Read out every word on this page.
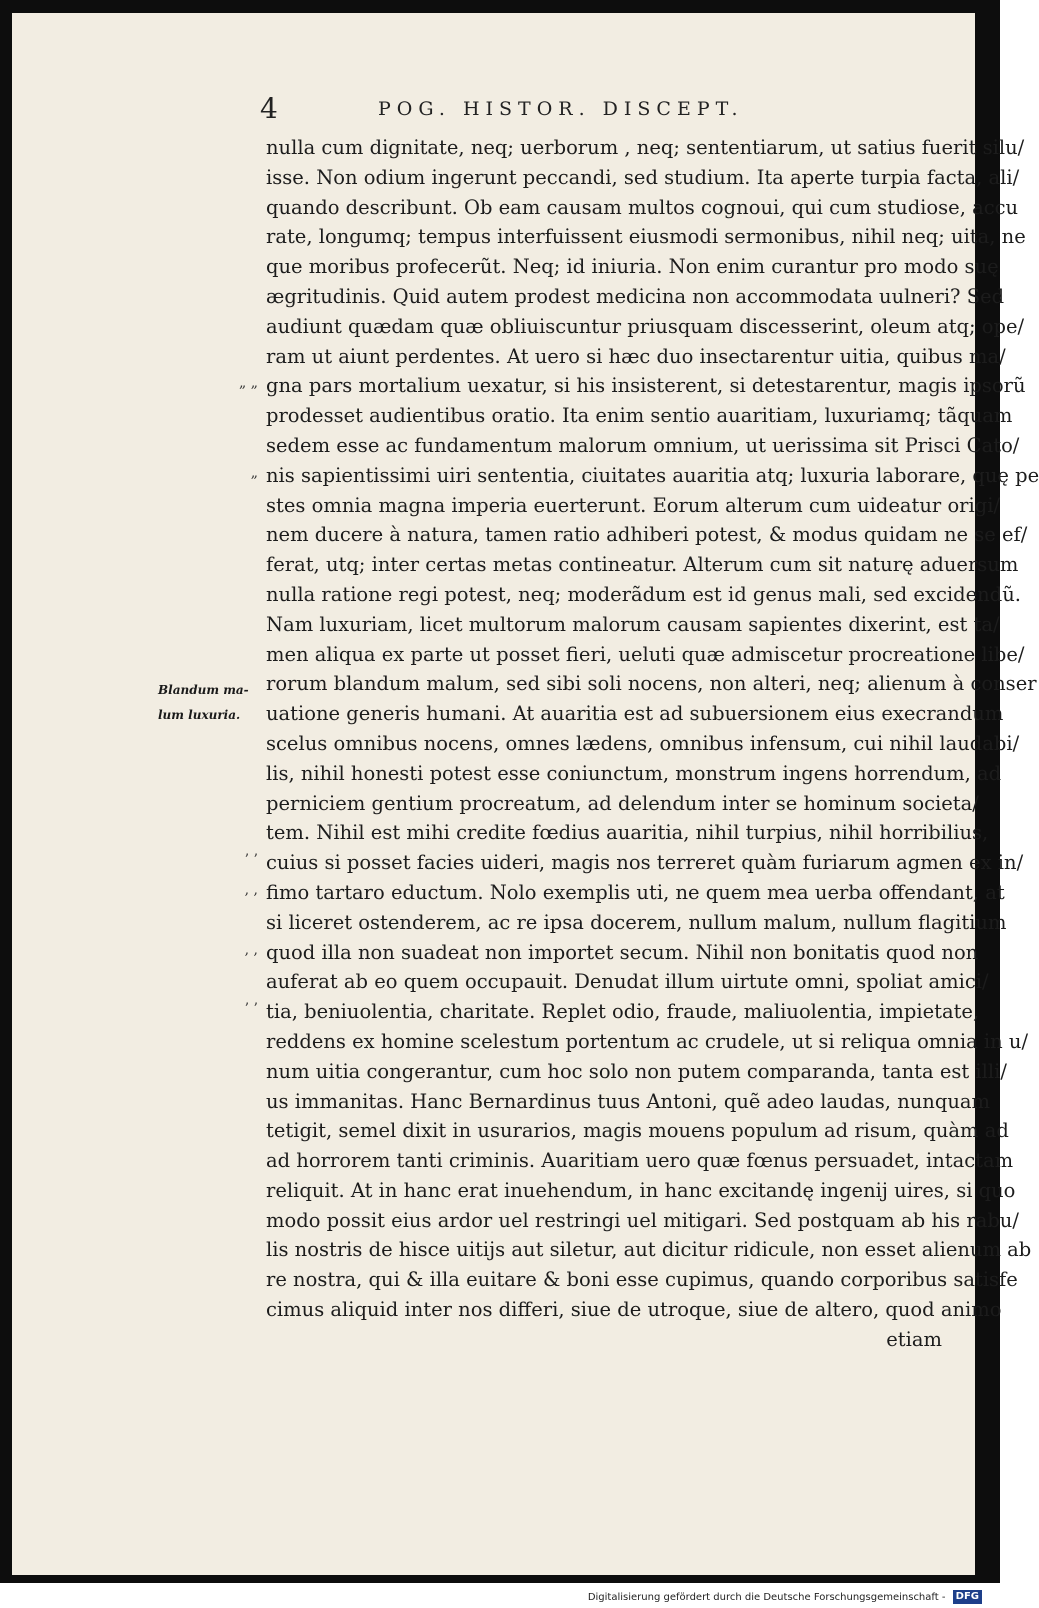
4	POG. HISTOR. DISCEPT.
nulla cum dignitate, neq; uerborum , neq; sententiarum, ut satius fuerit silu/
isse. Non odium ingerunt peccandi, sed studium. Ita aperte turpia facta, ali/
quando describunt. Ob eam causam multos cognoui, qui cum studiose, accu
rate, longumq; tempus interfuissent eiusmodi sermonibus, nihil neq; uita, ne
que moribus profecerũt. Neq; id iniuria. Non enim curantur pro modo suę
ægritudinis. Quid autem prodest medicina non accommodata uulneri? Sed
audiunt quædam quæ obliuiscuntur priusquam discesserint, oleum atq; ope/
ram ut aiunt perdentes. At uero si hæc duo insectarentur uitia, quibus ma/
gna pars mortalium uexatur, si his insisterent, si detestarentur, magis ipsorũ
prodesset audientibus oratio. Ita enim sentio auaritiam, luxuriamq; tãquam
sedem esse ac fundamentum malorum omnium, ut uerissima sit Prisci Cato/
nis sapientissimi uiri sententia, ciuitates auaritia atq; luxuria laborare, quę pe
stes omnia magna imperia euerterunt. Eorum alterum cum uideatur origi/
nem ducere à natura, tamen ratio adhiberi potest, & modus quidam ne se ef/
ferat, utq; inter certas metas contineatur. Alterum cum sit naturę aduersum
nulla ratione regi potest, neq; moderãdum est id genus mali, sed excidendũ.
Nam luxuriam, licet multorum malorum causam sapientes dixerint, est ta/
men aliqua ex parte ut posset fieri, ueluti quæ admiscetur procreatione libe/
rorum blandum malum, sed sibi soli nocens, non alteri, neq; alienum à conser
uatione generis humani. At auaritia est ad subuersionem eius execrandum
scelus omnibus nocens, omnes lædens, omnibus infensum, cui nihil laudabi/
lis, nihil honesti potest esse coniunctum, monstrum ingens horrendum, ad
perniciem gentium procreatum, ad delendum inter se hominum societa/
tem. Nihil est mihi credite fœdius auaritia, nihil turpius, nihil horribilius,
cuius si posset facies uideri, magis nos terreret quàm furiarum agmen ex in/
fimo tartaro eductum. Nolo exemplis uti, ne quem mea uerba offendant, at
si liceret ostenderem, ac re ipsa docerem, nullum malum, nullum flagitium
quod illa non suadeat non importet secum. Nihil non bonitatis quod non
auferat ab eo quem occupauit. Denudat illum uirtute omni, spoliat amici/
tia, beniuolentia, charitate. Replet odio, fraude, maliuolentia, impietate,
reddens ex homine scelestum portentum ac crudele, ut si reliqua omnia in u/
num uitia congerantur, cum hoc solo non putem comparanda, tanta est illi/
us immanitas. Hanc Bernardinus tuus Antoni, quẽ adeo laudas, nunquam
tetigit, semel dixit in usurarios, magis mouens populum ad risum, quàm ad
ad horrorem tanti criminis. Auaritiam uero quæ fœnus persuadet, intactam
reliquit. At in hanc erat inuehendum, in hanc excitandę ingenij uires, si quo
modo possit eius ardor uel restringi uel mitigari. Sed postquam ab his rabu/
lis nostris de hisce uitijs aut siletur, aut dicitur ridicule, non esset alienum ab
re nostra, qui & illa euitare & boni esse cupimus, quando corporibus satisfe
cimus aliquid inter nos differi, siue de utroque, siue de altero, quod animo
etiam
Blandum ma-
lum luxuria.
„ „
„
’ ’
, ,
, ,
’ ’
Digitalisierung gefördert durch die Deutsche Forschungsgemeinschaft - DFG
